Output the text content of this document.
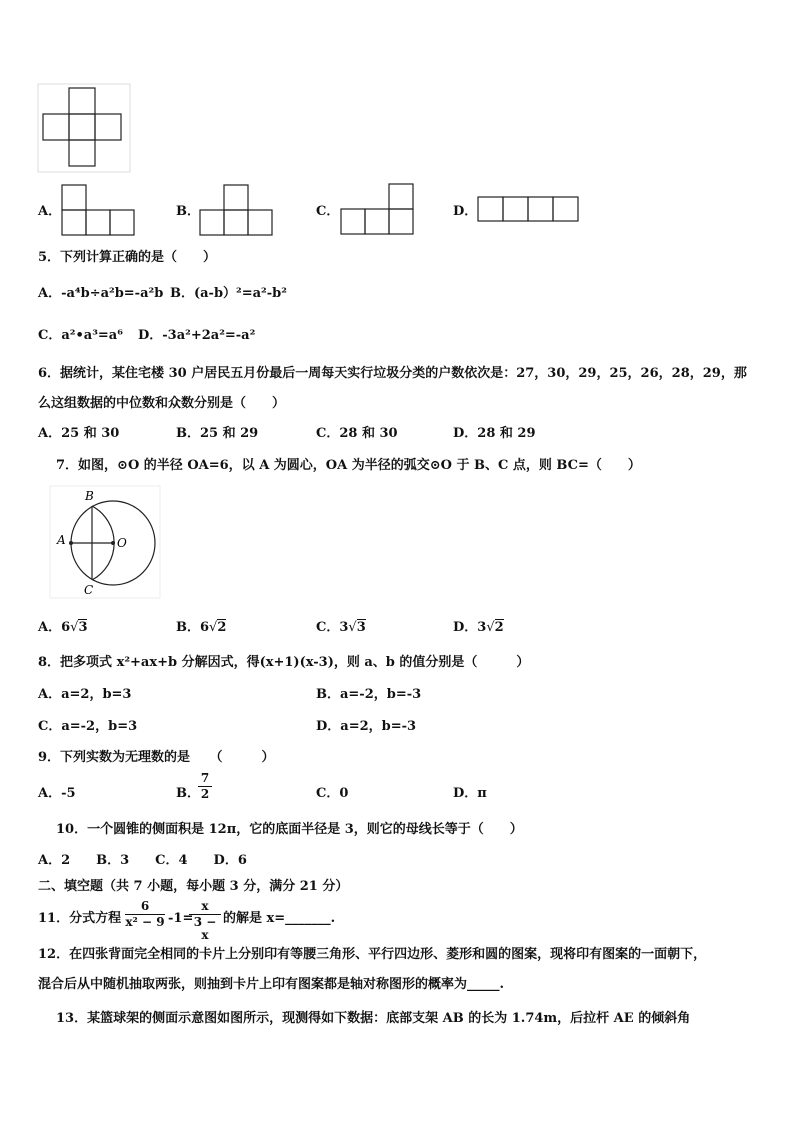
A．	B．	C．	D．
5．下列计算正确的是（　　）
A．-a⁴b÷a²b=-a²b B．(a-b）²=a²-b²
C．a²•a³=a⁶ D．-3a²+2a²=-a²
6．据统计，某住宅楼 30 户居民五月份最后一周每天实行垃圾分类的户数依次是：27，30，29，25，26，28，29，那
么这组数据的中位数和众数分别是（　　）
A．25 和 30	B．25 和 29	C．28 和 30	D．28 和 29
7．如图，⊙O 的半径 OA=6，以 A 为圆心，OA 为半径的弧交⊙O 于 B、C 点，则 BC=（　　）
B
A	O
C
A．6√3	B．6√2	C．3√3	D．3√2
8．把多项式 x²+ax+b 分解因式，得(x+1)(x-3)，则 a、b 的值分别是（　　　）
A．a=2，b=3	B．a=-2，b=-3
C．a=-2，b=3	D．a=2，b=-3
9．下列实数为无理数的是　　（　　　）
A．-5	B．
7
2	C．0	D．π
10．一个圆锥的侧面积是 12π，它的底面半径是 3，则它的母线长等于（　　）
A．2　　B．3　　C．4　　D．6
二、填空题（共 7 小题，每小题 3 分，满分 21 分）
11．分式方程
6
x² − 9 -1=
x
3 − x
的解是 x=_______.
12．在四张背面完全相同的卡片上分别印有等腰三角形、平行四边形、菱形和圆的图案，现将印有图案的一面朝下，
混合后从中随机抽取两张，则抽到卡片上印有图案都是轴对称图形的概率为_____.
13．某篮球架的侧面示意图如图所示，现测得如下数据：底部支架 AB 的长为 1.74m，后拉杆 AE 的倾斜角
